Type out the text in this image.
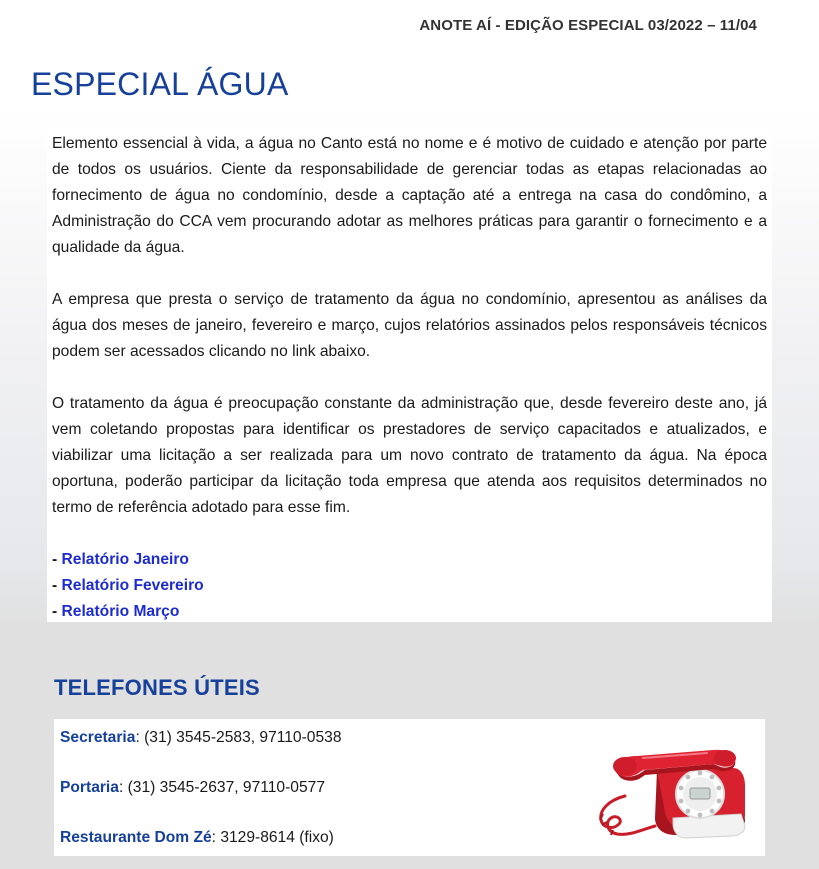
ANOTE AÍ - EDIÇÃO ESPECIAL 03/2022 – 11/04
ESPECIAL ÁGUA

Elemento essencial à vida, a água no Canto está no nome e é motivo de cuidado e atenção por parte de todos os usuários. Ciente da responsabilidade de gerenciar todas as etapas relacionadas ao fornecimento de água no condomínio, desde a captação até a entrega na casa do condômino, a Administração do CCA vem procurando adotar as melhores práticas para garantir o fornecimento e a qualidade da água.

A empresa que presta o serviço de tratamento da água no condomínio, apresentou as análises da água dos meses de janeiro, fevereiro e março, cujos relatórios assinados pelos responsáveis técnicos podem ser acessados clicando no link abaixo.

O tratamento da água é preocupação constante da administração que, desde fevereiro deste ano, já vem coletando propostas para identificar os prestadores de serviço capacitados e atualizados, e viabilizar uma licitação a ser realizada para um novo contrato de tratamento da água. Na época oportuna, poderão participar da licitação toda empresa que atenda aos requisitos determinados no termo de referência adotado para esse fim.

- Relatório Janeiro
- Relatório Fevereiro
- Relatório Março
TELEFONES ÚTEIS
Secretaria: (31) 3545-2583, 97110-0538
Portaria: (31) 3545-2637, 97110-0577
Restaurante Dom Zé: 3129-8614 (fixo)
